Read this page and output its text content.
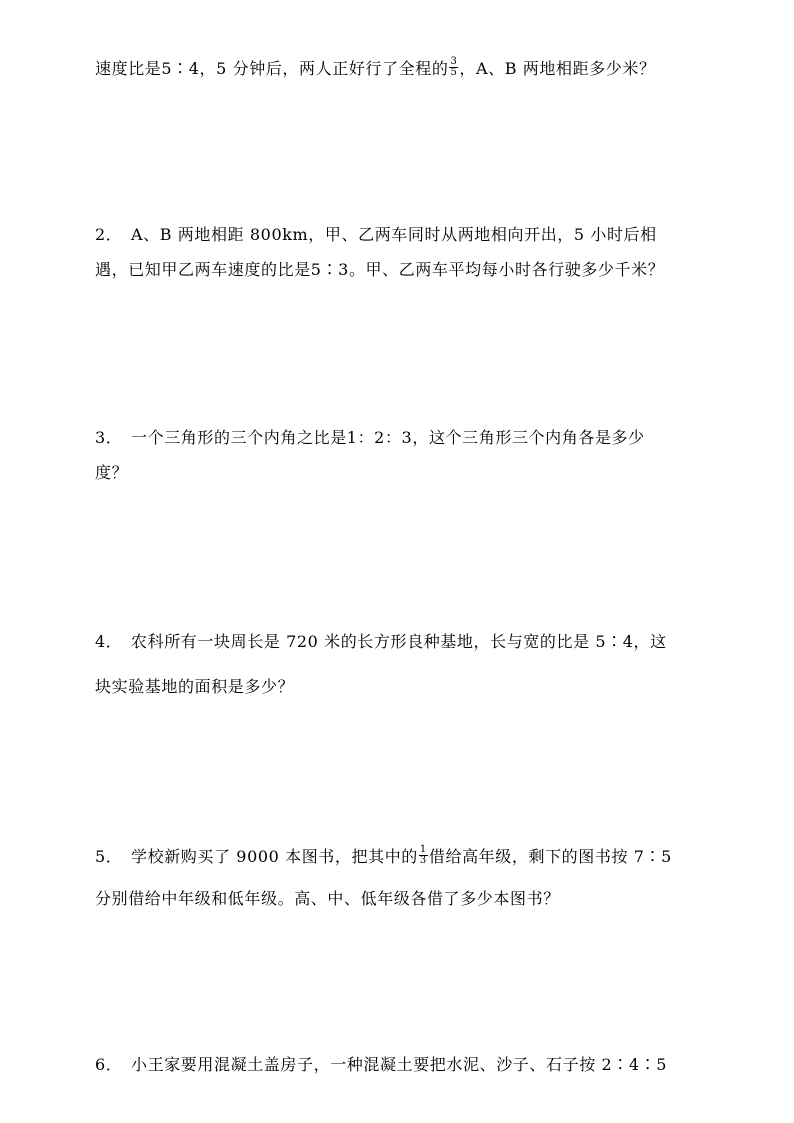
速度比是5∶4，5 分钟后，两人正好行了全程的 $\frac{3}{5}$ ，A、B 两地相距多少米？
2． A、B 两地相距 800km，甲、乙两车同时从两地相向开出，5 小时后相
遇，已知甲乙两车速度的比是5∶3。甲、乙两车平均每小时各行驶多少千米？
3． 一个三角形的三个内角之比是1：2：3，这个三角形三个内角各是多少
度？
4． 农科所有一块周长是 720 米的长方形良种基地，长与宽的比是 5∶4，这
块实验基地的面积是多少？
5． 学校新购买了 9000 本图书，把其中的 $\frac{1}{3}$ 借给高年级，剩下的图书按 7∶5
分别借给中年级和低年级。高、中、低年级各借了多少本图书？
6． 小王家要用混凝土盖房子，一种混凝土要把水泥、沙子、石子按 2∶4∶5
